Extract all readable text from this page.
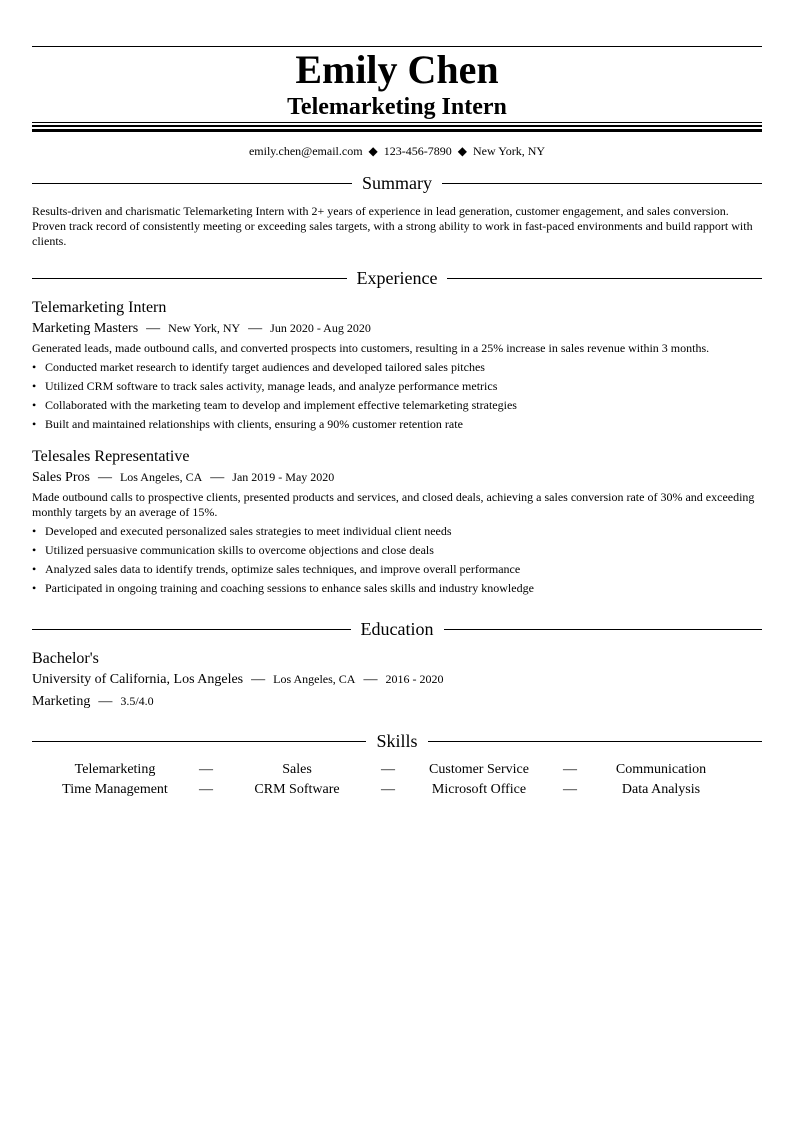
Emily Chen
Telemarketing Intern
emily.chen@email.com ◆ 123-456-7890 ◆ New York, NY
Summary

Results-driven and charismatic Telemarketing Intern with 2+ years of experience in lead generation, customer engagement, and sales conversion. Proven track record of consistently meeting or exceeding sales targets, with a strong ability to work in fast-paced environments and build rapport with clients.

Experience

Telemarketing Intern

Marketing Masters — New York, NY — Jun 2020 - Aug 2020

Generated leads, made outbound calls, and converted prospects into customers, resulting in a 25% increase in sales revenue within 3 months.

• Conducted market research to identify target audiences and developed tailored sales pitches
• Utilized CRM software to track sales activity, manage leads, and analyze performance metrics
• Collaborated with the marketing team to develop and implement effective telemarketing strategies
• Built and maintained relationships with clients, ensuring a 90% customer retention rate

Telesales Representative

Sales Pros — Los Angeles, CA — Jan 2019 - May 2020

Made outbound calls to prospective clients, presented products and services, and closed deals, achieving a sales conversion rate of 30% and exceeding monthly targets by an average of 15%.

• Developed and executed personalized sales strategies to meet individual client needs
• Utilized persuasive communication skills to overcome objections and close deals
• Analyzed sales data to identify trends, optimize sales techniques, and improve overall performance
• Participated in ongoing training and coaching sessions to enhance sales skills and industry knowledge
Education

Bachelor's

University of California, Los Angeles — Los Angeles, CA — 2016 - 2020

Marketing — 3.5/4.0

Skills
Telemarketing	—	Sales	—	Customer Service	—	Communication
Time Management	—	CRM Software	—	Microsoft Office	—	Data Analysis
